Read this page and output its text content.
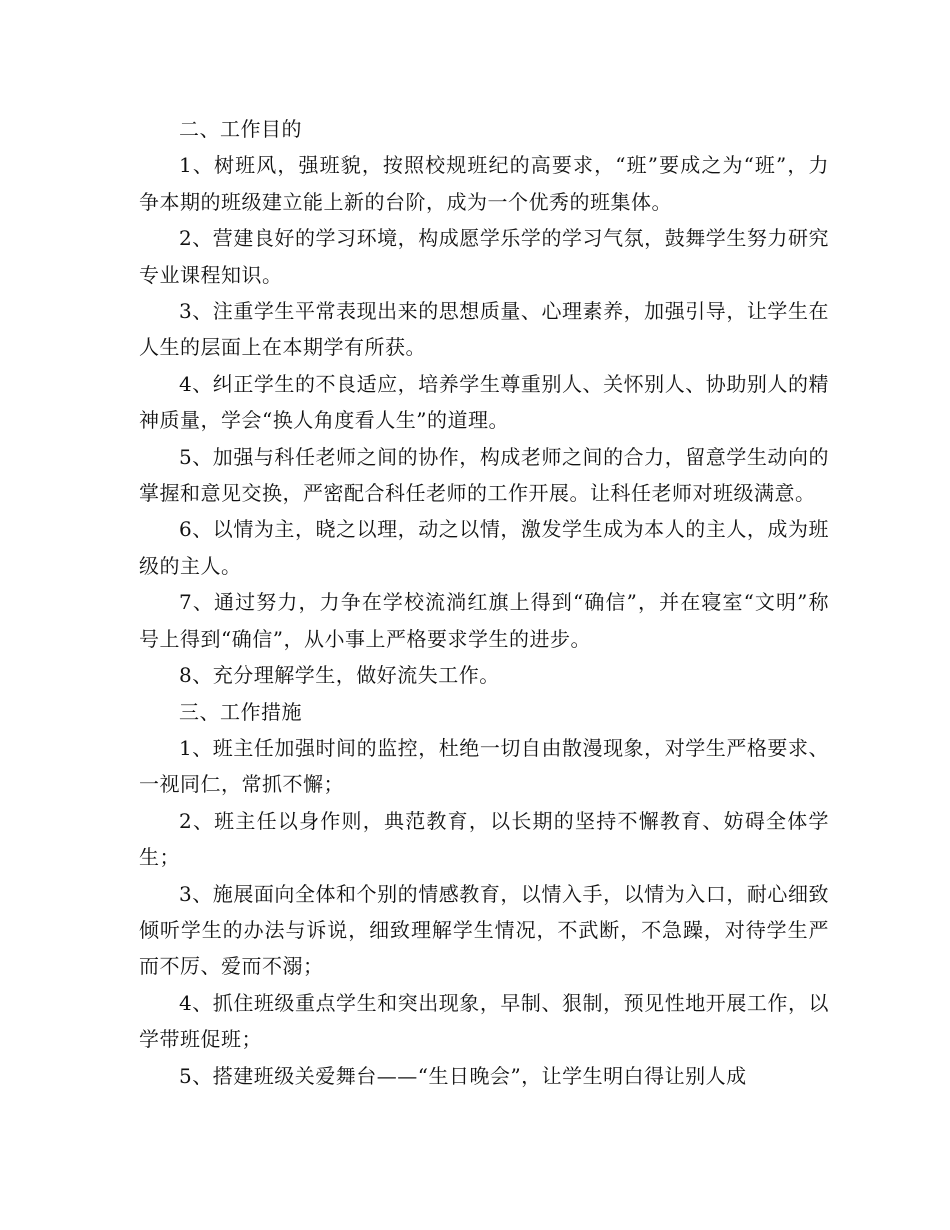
二、工作目的

1、树班风，强班貌，按照校规班纪的高要求，“班”要成之为“班”，力争本期的班级建立能上新的台阶，成为一个优秀的班集体。

2、营建良好的学习环境，构成愿学乐学的学习气氛，鼓舞学生努力研究专业课程知识。

3、注重学生平常表现出来的思想质量、心理素养，加强引导，让学生在人生的层面上在本期学有所获。

4、纠正学生的不良适应，培养学生尊重别人、关怀别人、协助别人的精神质量，学会“换人角度看人生”的道理。

5、加强与科任老师之间的协作，构成老师之间的合力，留意学生动向的掌握和意见交换，严密配合科任老师的工作开展。让科任老师对班级满意。

6、以情为主，晓之以理，动之以情，激发学生成为本人的主人，成为班级的主人。

7、通过努力，力争在学校流淌红旗上得到“确信”，并在寝室“文明”称号上得到“确信”，从小事上严格要求学生的进步。

8、充分理解学生，做好流失工作。

三、工作措施

1、班主任加强时间的监控，杜绝一切自由散漫现象，对学生严格要求、一视同仁，常抓不懈；

2、班主任以身作则，典范教育，以长期的坚持不懈教育、妨碍全体学生；

3、施展面向全体和个别的情感教育，以情入手，以情为入口，耐心细致倾听学生的办法与诉说，细致理解学生情况，不武断，不急躁，对待学生严而不厉、爱而不溺；

4、抓住班级重点学生和突出现象，早制、狠制，预见性地开展工作，以学带班促班；

5、搭建班级关爱舞台——“生日晚会”，让学生明白得让别人成
